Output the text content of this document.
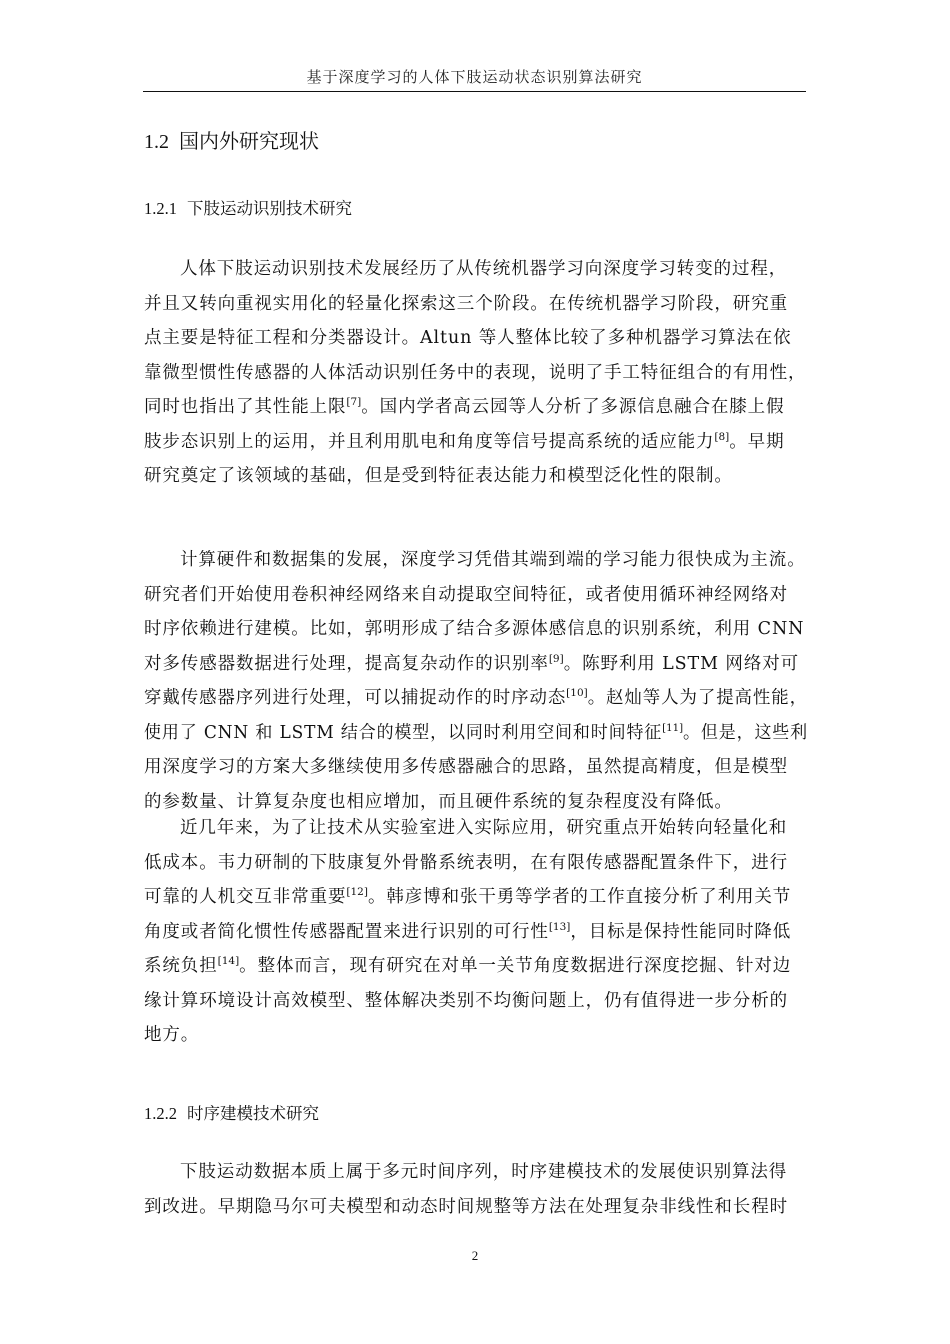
基于深度学习的人体下肢运动状态识别算法研究
1.2 国内外研究现状
1.2.1 下肢运动识别技术研究
人体下肢运动识别技术发展经历了从传统机器学习向深度学习转变的过程，
并且又转向重视实用化的轻量化探索这三个阶段。在传统机器学习阶段，研究重
点主要是特征工程和分类器设计。Altun 等人整体比较了多种机器学习算法在依
靠微型惯性传感器的人体活动识别任务中的表现，说明了手工特征组合的有用性，
同时也指出了其性能上限[7]。国内学者高云园等人分析了多源信息融合在膝上假
肢步态识别上的运用，并且利用肌电和角度等信号提高系统的适应能力[8]。早期
研究奠定了该领域的基础，但是受到特征表达能力和模型泛化性的限制。
计算硬件和数据集的发展，深度学习凭借其端到端的学习能力很快成为主流。
研究者们开始使用卷积神经网络来自动提取空间特征，或者使用循环神经网络对
时序依赖进行建模。比如，郭明形成了结合多源体感信息的识别系统，利用 CNN
对多传感器数据进行处理，提高复杂动作的识别率[9]。陈野利用 LSTM 网络对可
穿戴传感器序列进行处理，可以捕捉动作的时序动态[10]。赵灿等人为了提高性能，
使用了 CNN 和 LSTM 结合的模型，以同时利用空间和时间特征[11]。但是，这些利
用深度学习的方案大多继续使用多传感器融合的思路，虽然提高精度，但是模型
的参数量、计算复杂度也相应增加，而且硬件系统的复杂程度没有降低。
近几年来，为了让技术从实验室进入实际应用，研究重点开始转向轻量化和
低成本。韦力研制的下肢康复外骨骼系统表明，在有限传感器配置条件下，进行
可靠的人机交互非常重要[12]。韩彦博和张干勇等学者的工作直接分析了利用关节
角度或者简化惯性传感器配置来进行识别的可行性[13]，目标是保持性能同时降低
系统负担[14]。整体而言，现有研究在对单一关节角度数据进行深度挖掘、针对边
缘计算环境设计高效模型、整体解决类别不均衡问题上，仍有值得进一步分析的
地方。
1.2.2 时序建模技术研究
下肢运动数据本质上属于多元时间序列，时序建模技术的发展使识别算法得
到改进。早期隐马尔可夫模型和动态时间规整等方法在处理复杂非线性和长程时
2
